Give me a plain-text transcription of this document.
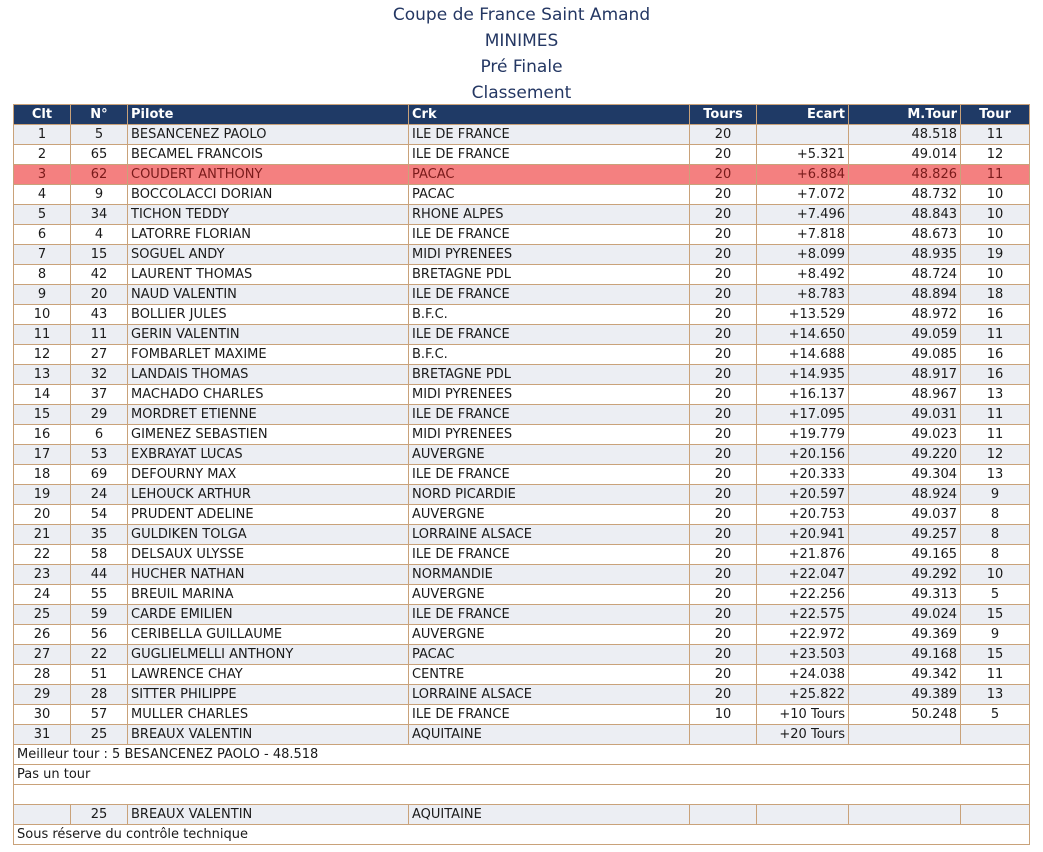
Coupe de France Saint Amand
MINIMES
Pré Finale
Classement
Clt	N°	Pilote	Crk	Tours	Ecart	M.Tour	Tour
1	5	BESANCENEZ PAOLO	ILE DE FRANCE	20		48.518	11
2	65	BECAMEL FRANCOIS	ILE DE FRANCE	20	+5.321	49.014	12
3	62	COUDERT ANTHONY	PACAC	20	+6.884	48.826	11
4	9	BOCCOLACCI DORIAN	PACAC	20	+7.072	48.732	10
5	34	TICHON TEDDY	RHONE ALPES	20	+7.496	48.843	10
6	4	LATORRE FLORIAN	ILE DE FRANCE	20	+7.818	48.673	10
7	15	SOGUEL ANDY	MIDI PYRENEES	20	+8.099	48.935	19
8	42	LAURENT THOMAS	BRETAGNE PDL	20	+8.492	48.724	10
9	20	NAUD VALENTIN	ILE DE FRANCE	20	+8.783	48.894	18
10	43	BOLLIER JULES	B.F.C.	20	+13.529	48.972	16
11	11	GERIN VALENTIN	ILE DE FRANCE	20	+14.650	49.059	11
12	27	FOMBARLET MAXIME	B.F.C.	20	+14.688	49.085	16
13	32	LANDAIS THOMAS	BRETAGNE PDL	20	+14.935	48.917	16
14	37	MACHADO CHARLES	MIDI PYRENEES	20	+16.137	48.967	13
15	29	MORDRET ETIENNE	ILE DE FRANCE	20	+17.095	49.031	11
16	6	GIMENEZ SEBASTIEN	MIDI PYRENEES	20	+19.779	49.023	11
17	53	EXBRAYAT LUCAS	AUVERGNE	20	+20.156	49.220	12
18	69	DEFOURNY MAX	ILE DE FRANCE	20	+20.333	49.304	13
19	24	LEHOUCK ARTHUR	NORD PICARDIE	20	+20.597	48.924	9
20	54	PRUDENT ADELINE	AUVERGNE	20	+20.753	49.037	8
21	35	GULDIKEN TOLGA	LORRAINE ALSACE	20	+20.941	49.257	8
22	58	DELSAUX ULYSSE	ILE DE FRANCE	20	+21.876	49.165	8
23	44	HUCHER NATHAN	NORMANDIE	20	+22.047	49.292	10
24	55	BREUIL MARINA	AUVERGNE	20	+22.256	49.313	5
25	59	CARDE EMILIEN	ILE DE FRANCE	20	+22.575	49.024	15
26	56	CERIBELLA GUILLAUME	AUVERGNE	20	+22.972	49.369	9
27	22	GUGLIELMELLI ANTHONY	PACAC	20	+23.503	49.168	15
28	51	LAWRENCE CHAY	CENTRE	20	+24.038	49.342	11
29	28	SITTER PHILIPPE	LORRAINE ALSACE	20	+25.822	49.389	13
30	57	MULLER CHARLES	ILE DE FRANCE	10	+10 Tours	50.248	5
31	25	BREAUX VALENTIN	AQUITAINE		+20 Tours		
Meilleur tour : 5 BESANCENEZ PAOLO - 48.518							
Pas un tour							

	25	BREAUX VALENTIN	AQUITAINE				
Sous réserve du contrôle technique							
